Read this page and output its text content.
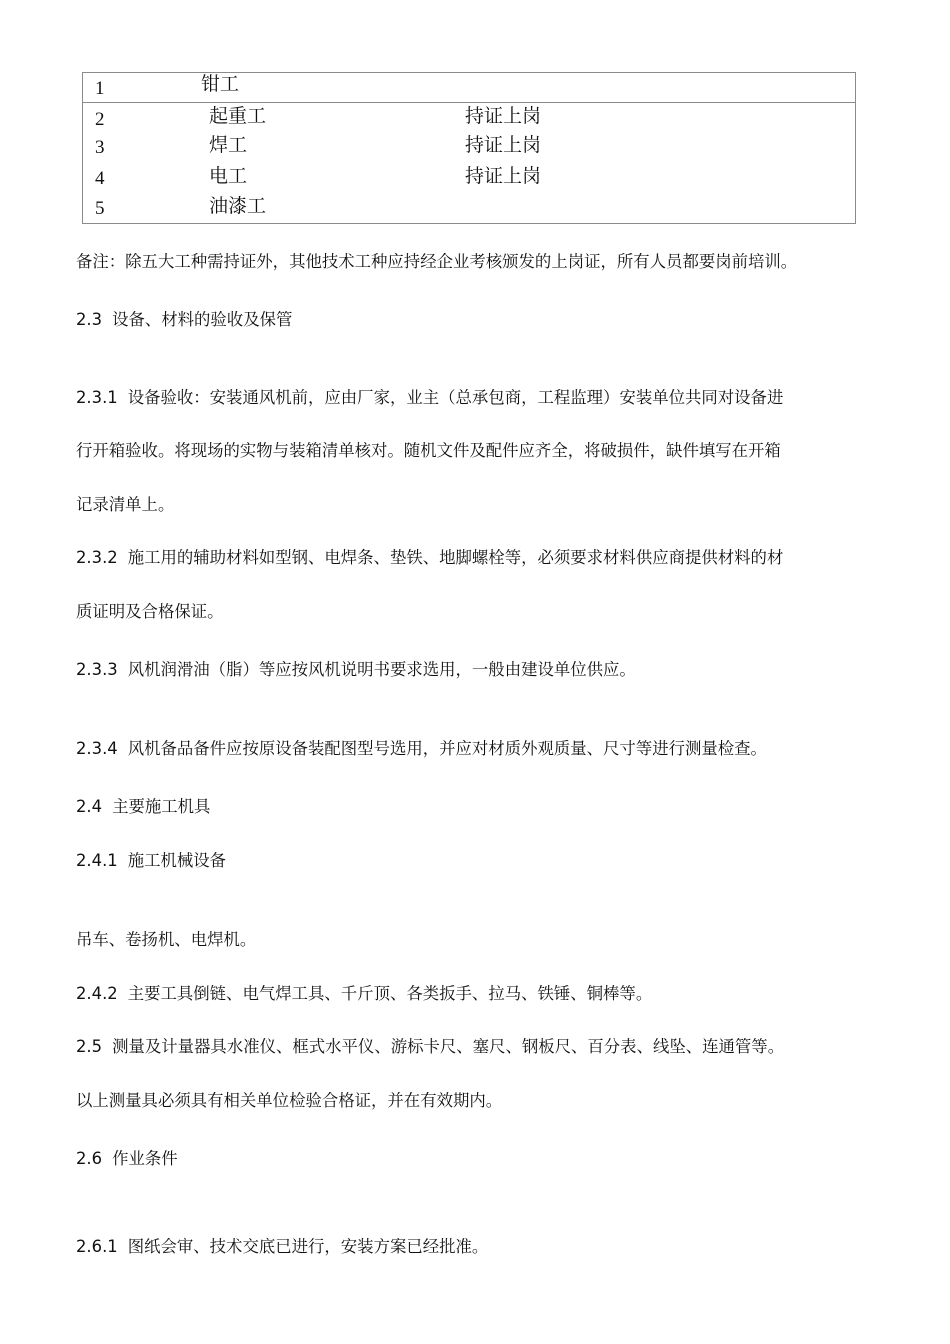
1	钳工
2	起重工	持证上岗
3	焊工	持证上岗
4	电工	持证上岗
5	油漆工
备注：除五大工种需持证外，其他技术工种应持经企业考核颁发的上岗证，所有人员都要岗前培训。
2.3 设备、材料的验收及保管
2.3.1 设备验收：安装通风机前，应由厂家，业主（总承包商，工程监理）安装单位共同对设备进
行开箱验收。将现场的实物与装箱清单核对。随机文件及配件应齐全，将破损件，缺件填写在开箱
记录清单上。
2.3.2 施工用的辅助材料如型钢、电焊条、垫铁、地脚螺栓等，必须要求材料供应商提供材料的材
质证明及合格保证。
2.3.3 风机润滑油（脂）等应按风机说明书要求选用，一般由建设单位供应。
2.3.4 风机备品备件应按原设备装配图型号选用，并应对材质外观质量、尺寸等进行测量检查。
2.4 主要施工机具
2.4.1 施工机械设备
吊车、卷扬机、电焊机。
2.4.2 主要工具倒链、电气焊工具、千斤顶、各类扳手、拉马、铁锤、铜棒等。
2.5 测量及计量器具水准仪、框式水平仪、游标卡尺、塞尺、钢板尺、百分表、线坠、连通管等。
以上测量具必须具有相关单位检验合格证，并在有效期内。
2.6 作业条件
2.6.1 图纸会审、技术交底已进行，安装方案已经批准。
